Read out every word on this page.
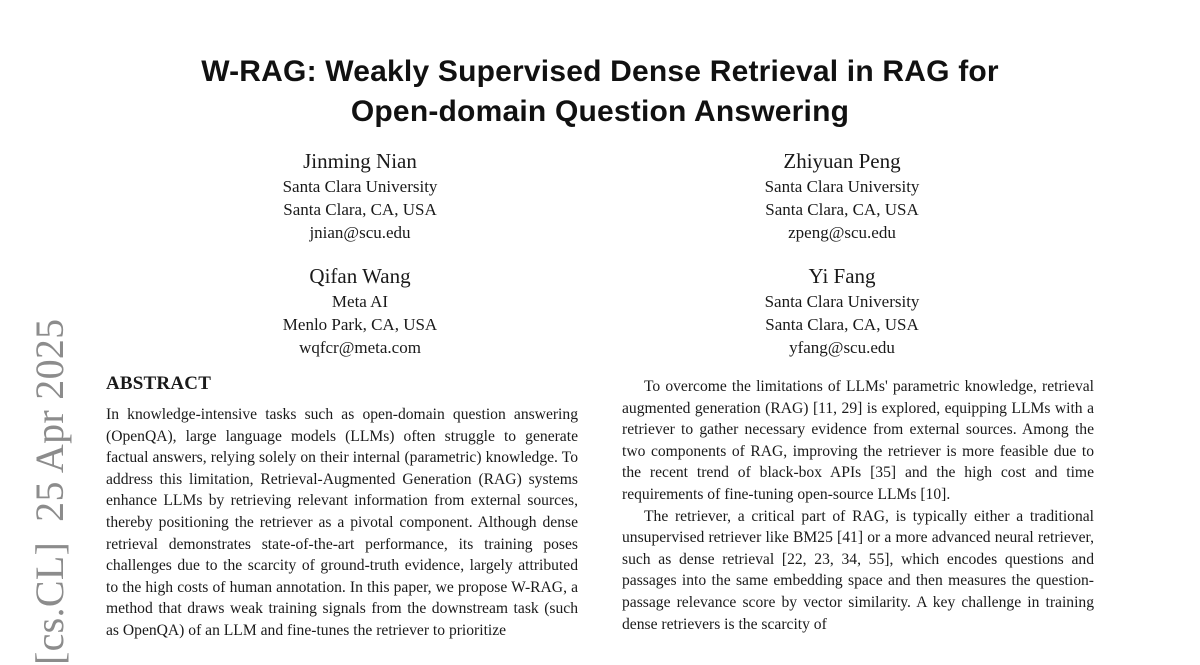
[cs.CL]25 Apr 2025
W-RAG: Weakly Supervised Dense Retrieval in RAG for
Open-domain Question Answering
Jinming Nian
Santa Clara University
Santa Clara, CA, USA
jnian@scu.edu
Zhiyuan Peng
Santa Clara University
Santa Clara, CA, USA
zpeng@scu.edu
Qifan Wang
Meta AI
Menlo Park, CA, USA
wqfcr@meta.com
Yi Fang
Santa Clara University
Santa Clara, CA, USA
yfang@scu.edu
ABSTRACT

In knowledge-intensive tasks such as open-domain question answering (OpenQA), large language models (LLMs) often struggle to generate factual answers, relying solely on their internal (parametric) knowledge. To address this limitation, Retrieval-Augmented Generation (RAG) systems enhance LLMs by retrieving relevant information from external sources, thereby positioning the retriever as a pivotal component. Although dense retrieval demonstrates state-of-the-art performance, its training poses challenges due to the scarcity of ground-truth evidence, largely attributed to the high costs of human annotation. In this paper, we propose W-RAG, a method that draws weak training signals from the downstream task (such as OpenQA) of an LLM and fine-tunes the retriever to prioritize

To overcome the limitations of LLMs' parametric knowledge, retrieval augmented generation (RAG) [11, 29] is explored, equipping LLMs with a retriever to gather necessary evidence from external sources. Among the two components of RAG, improving the retriever is more feasible due to the recent trend of black-box APIs [35] and the high cost and time requirements of fine-tuning open-source LLMs [10].

The retriever, a critical part of RAG, is typically either a traditional unsupervised retriever like BM25 [41] or a more advanced neural retriever, such as dense retrieval [22, 23, 34, 55], which encodes questions and passages into the same embedding space and then measures the question-passage relevance score by vector similarity. A key challenge in training dense retrievers is the scarcity of
